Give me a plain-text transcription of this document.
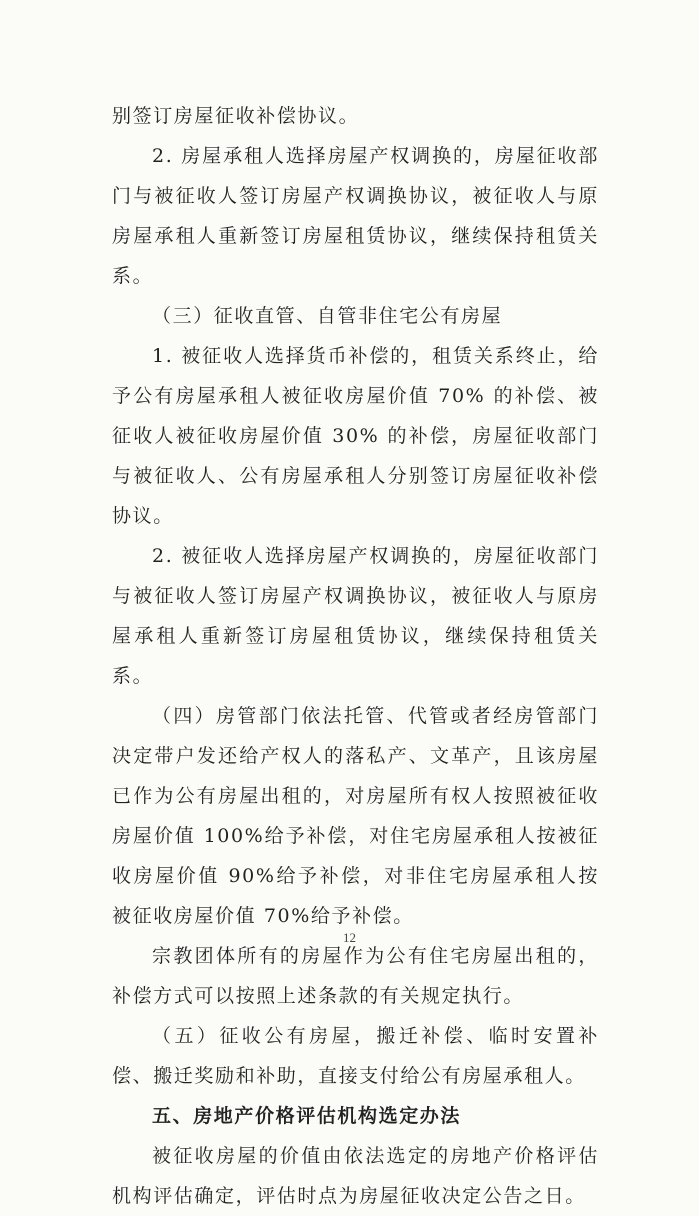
别签订房屋征收补偿协议。

2. 房屋承租人选择房屋产权调换的，房屋征收部门与被征收人签订房屋产权调换协议，被征收人与原房屋承租人重新签订房屋租赁协议，继续保持租赁关系。

（三）征收直管、自管非住宅公有房屋

1. 被征收人选择货币补偿的，租赁关系终止，给予公有房屋承租人被征收房屋价值 70% 的补偿、被征收人被征收房屋价值 30% 的补偿，房屋征收部门与被征收人、公有房屋承租人分别签订房屋征收补偿协议。

2. 被征收人选择房屋产权调换的，房屋征收部门与被征收人签订房屋产权调换协议，被征收人与原房屋承租人重新签订房屋租赁协议，继续保持租赁关系。

（四）房管部门依法托管、代管或者经房管部门决定带户发还给产权人的落私产、文革产，且该房屋已作为公有房屋出租的，对房屋所有权人按照被征收房屋价值 100%给予补偿，对住宅房屋承租人按被征收房屋价值 90%给予补偿，对非住宅房屋承租人按被征收房屋价值 70%给予补偿。

宗教团体所有的房屋作为公有住宅房屋出租的，补偿方式可以按照上述条款的有关规定执行。

（五）征收公有房屋，搬迁补偿、临时安置补偿、搬迁奖励和补助，直接支付给公有房屋承租人。

五、房地产价格评估机构选定办法

被征收房屋的价值由依法选定的房地产价格评估机构评估确定，评估时点为房屋征收决定公告之日。

12
